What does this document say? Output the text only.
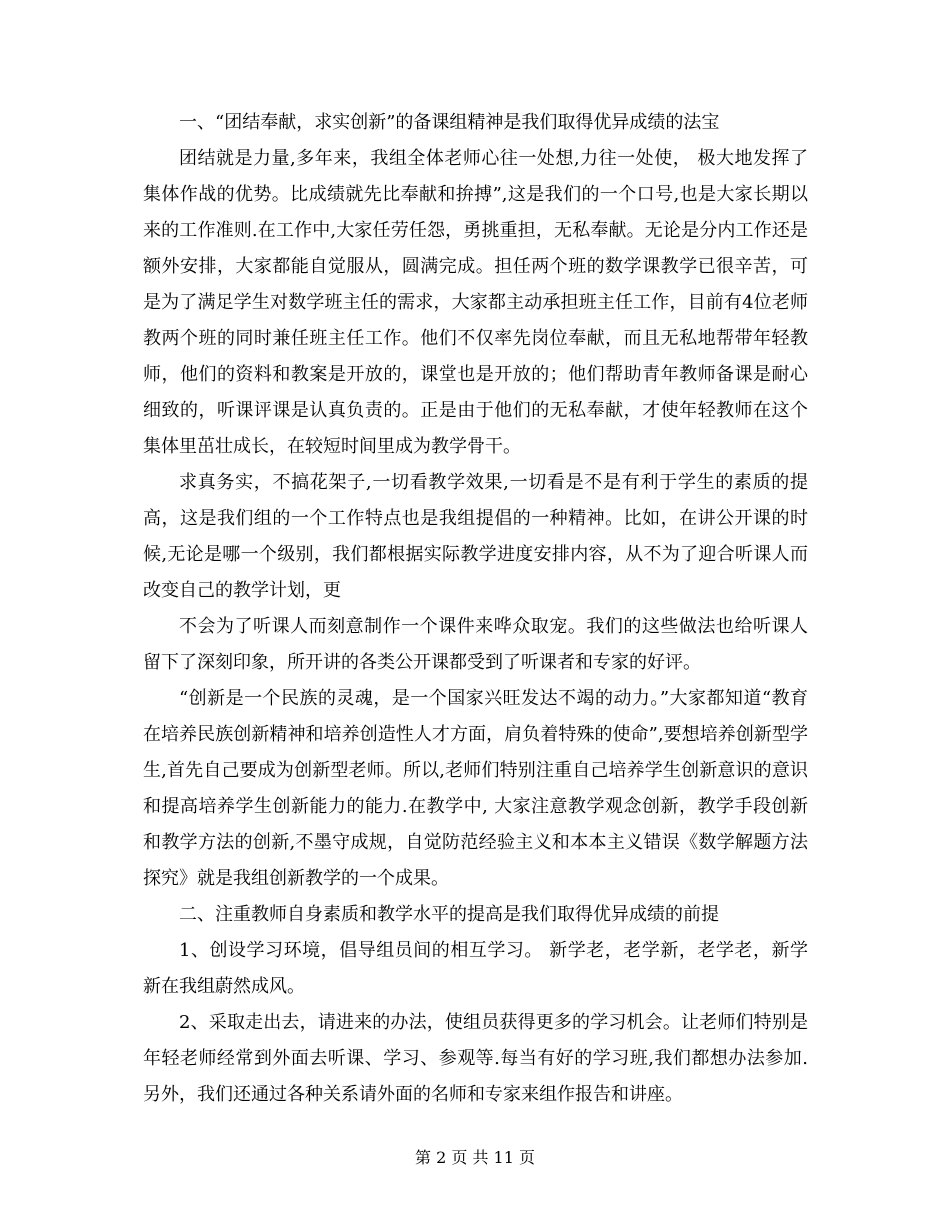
一、“团结奉献，求实创新”的备课组精神是我们取得优异成绩的法宝

团结就是力量,多年来，我组全体老师心往一处想,力往一处使， 极大地发挥了集体作战的优势。比成绩就先比奉献和拚搏”,这是我们的一个口号,也是大家长期以来的工作准则.在工作中,大家任劳任怨，勇挑重担，无私奉献。无论是分内工作还是额外安排，大家都能自觉服从，圆满完成。担任两个班的数学课教学已很辛苦，可是为了满足学生对数学班主任的需求，大家都主动承担班主任工作，目前有4位老师教两个班的同时兼任班主任工作。他们不仅率先岗位奉献，而且无私地帮带年轻教师，他们的资料和教案是开放的，课堂也是开放的；他们帮助青年教师备课是耐心细致的，听课评课是认真负责的。正是由于他们的无私奉献，才使年轻教师在这个集体里茁壮成长，在较短时间里成为教学骨干。

求真务实，不搞花架子,一切看教学效果,一切看是不是有利于学生的素质的提高，这是我们组的一个工作特点也是我组提倡的一种精神。比如，在讲公开课的时候,无论是哪一个级别，我们都根据实际教学进度安排内容，从不为了迎合听课人而改变自己的教学计划，更

不会为了听课人而刻意制作一个课件来哗众取宠。我们的这些做法也给听课人留下了深刻印象，所开讲的各类公开课都受到了听课者和专家的好评。

“创新是一个民族的灵魂，是一个国家兴旺发达不竭的动力。”大家都知道“教育在培养民族创新精神和培养创造性人才方面，肩负着特殊的使命”,要想培养创新型学生,首先自己要成为创新型老师。所以,老师们特别注重自己培养学生创新意识的意识和提高培养学生创新能力的能力.在教学中, 大家注意教学观念创新，教学手段创新和教学方法的创新,不墨守成规，自觉防范经验主义和本本主义错误《数学解题方法探究》就是我组创新教学的一个成果。

二、注重教师自身素质和教学水平的提高是我们取得优异成绩的前提

1、创设学习环境，倡导组员间的相互学习。 新学老，老学新，老学老，新学新在我组蔚然成风。

2、采取走出去，请进来的办法，使组员获得更多的学习机会。让老师们特别是年轻老师经常到外面去听课、学习、参观等.每当有好的学习班,我们都想办法参加.另外，我们还通过各种关系请外面的名师和专家来组作报告和讲座。

第 2 页 共 11 页
